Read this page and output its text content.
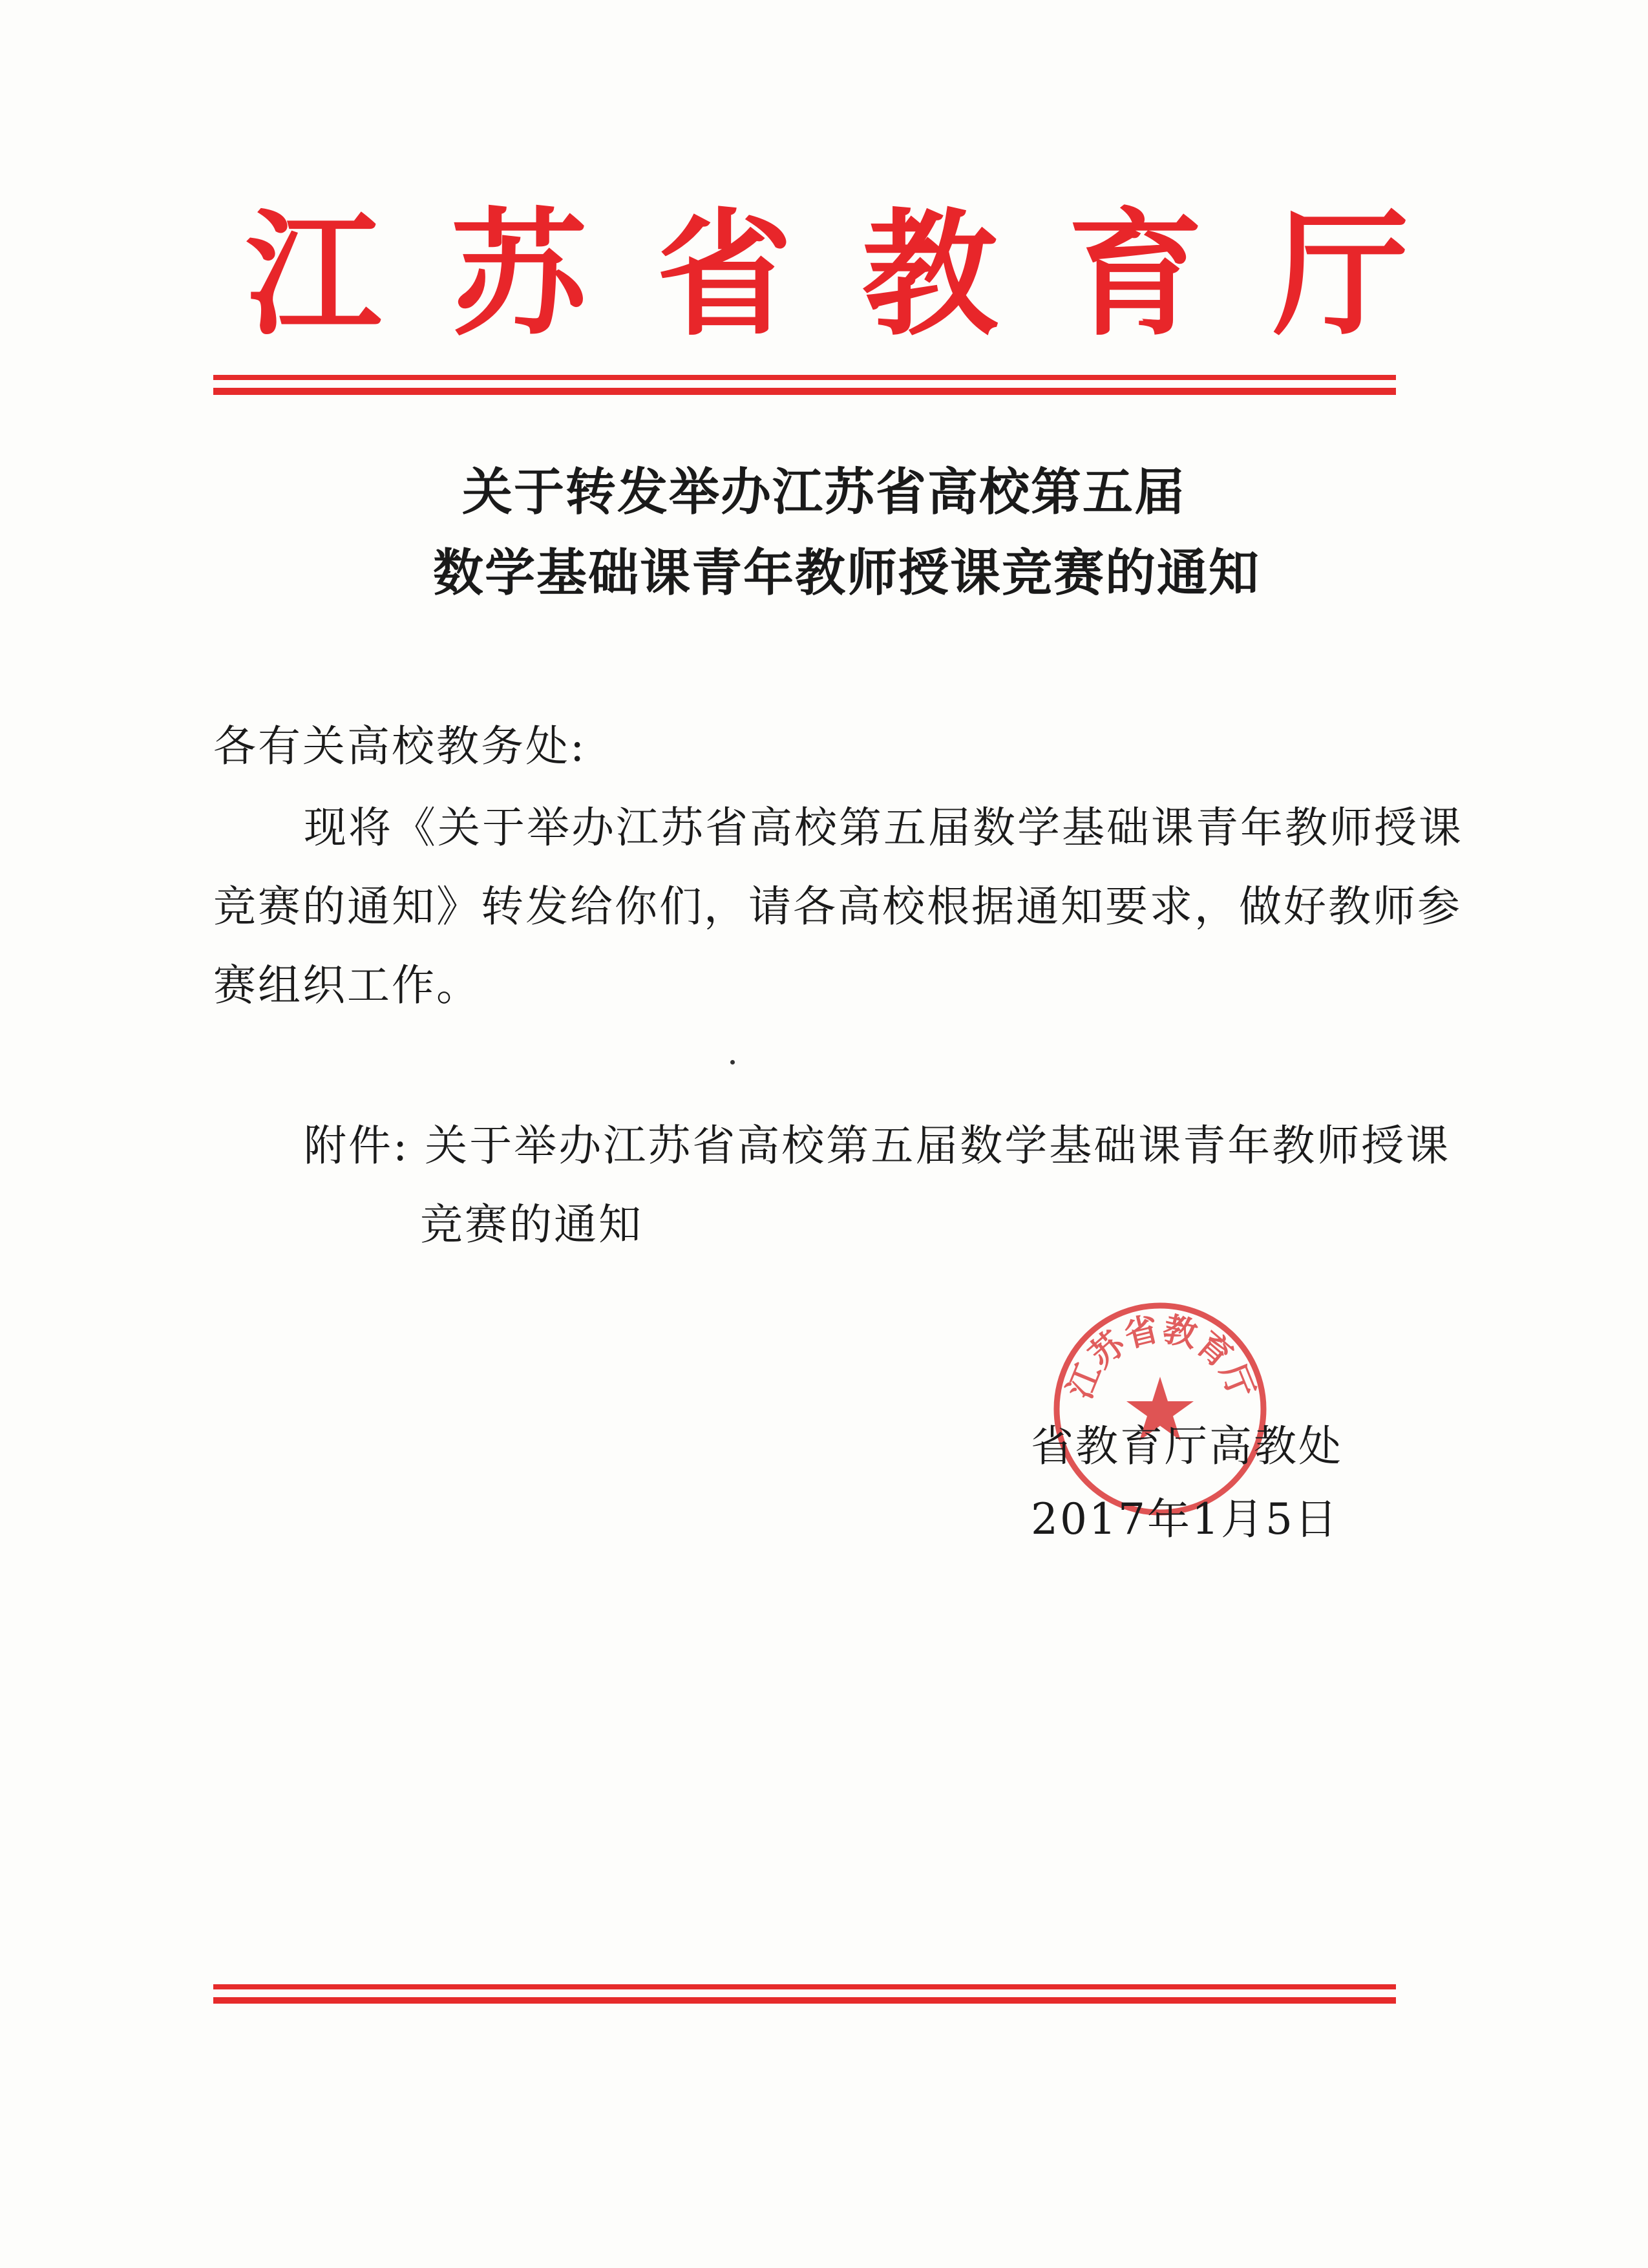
江 苏 省 教 育 厅
关于转发举办江苏省高校第五届
数学基础课青年教师授课竞赛的通知
各有关高校教务处:
现将《关于举办江苏省高校第五届数学基础课青年教师授课
竞赛的通知》转发给你们，请各高校根据通知要求，做好教师参
赛组织工作。
附件: 关于举办江苏省高校第五届数学基础课青年教师授课
竞赛的通知
江苏省教育厅
省教育厅高教处
2017年1月5日
